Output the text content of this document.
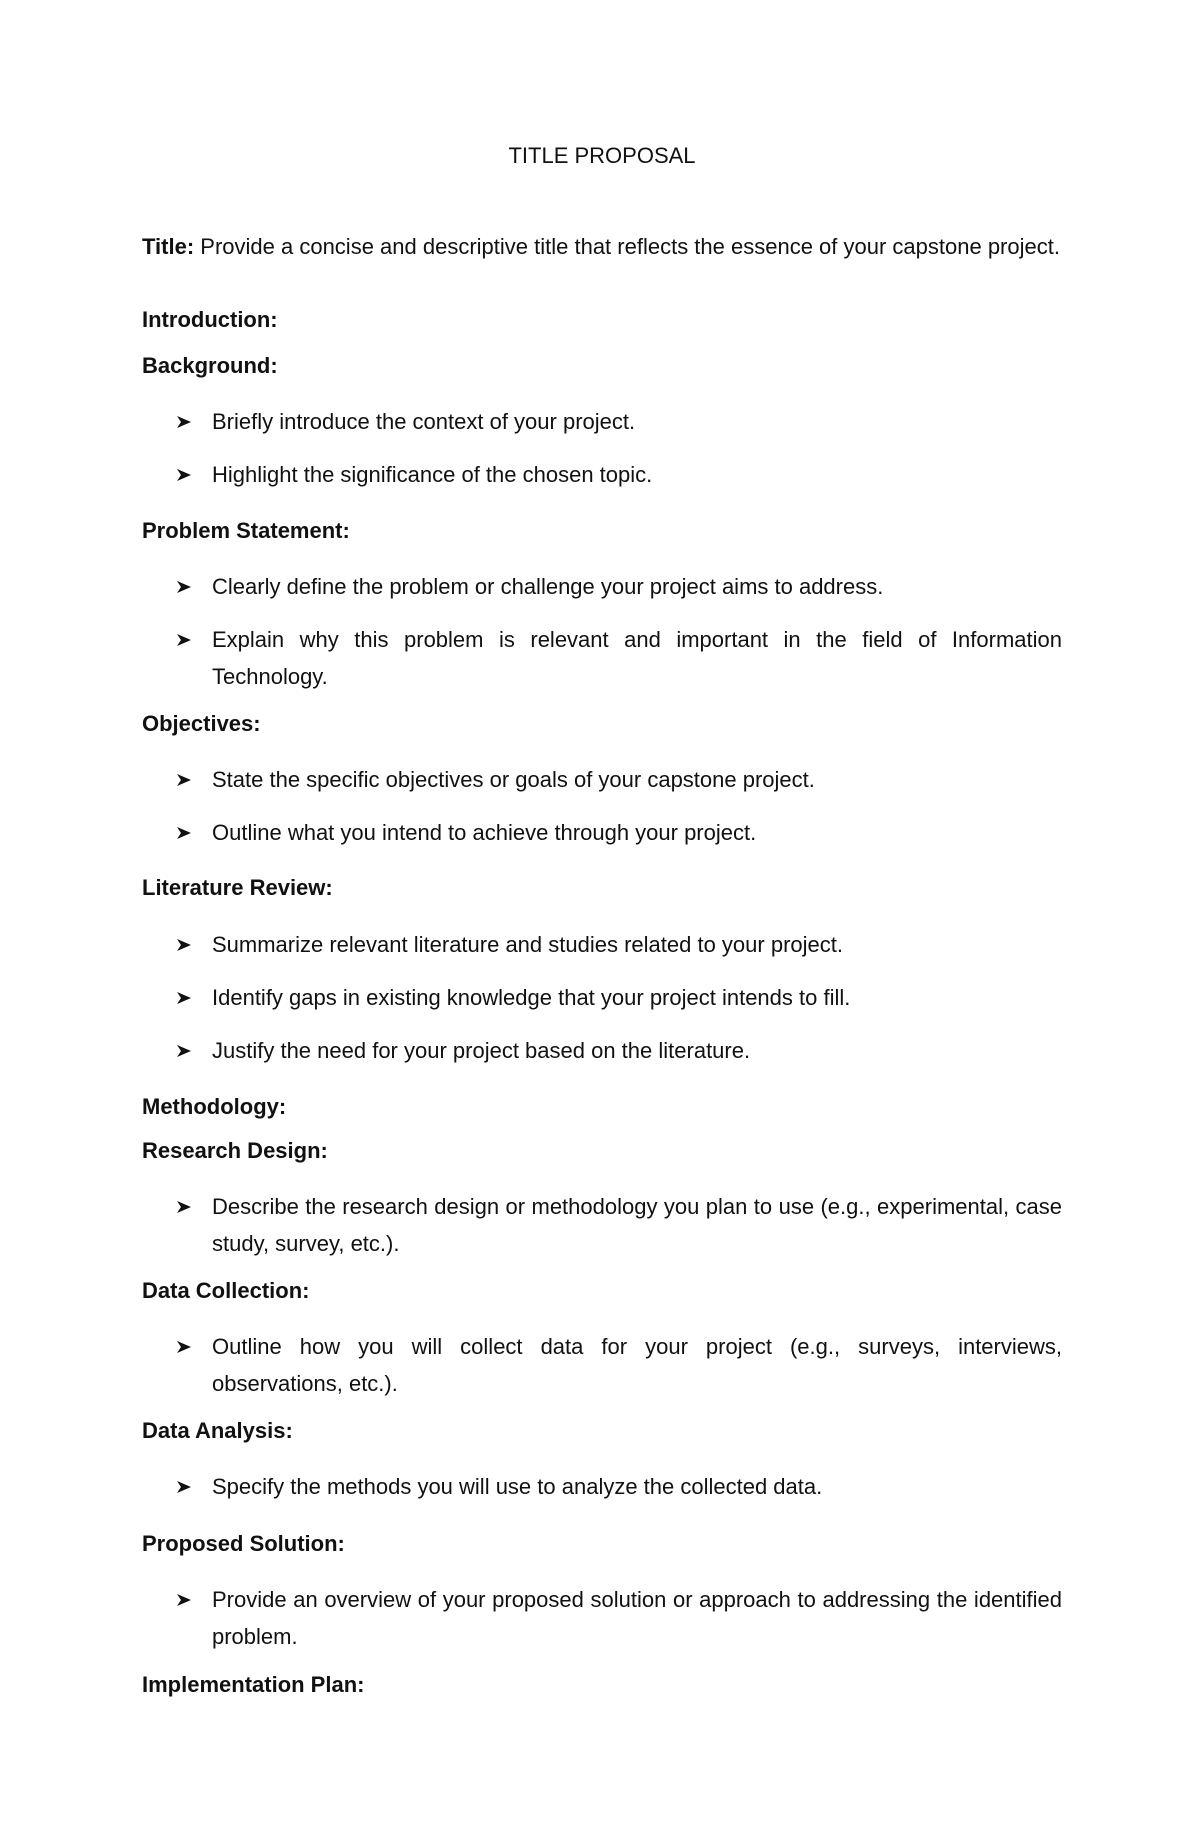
TITLE PROPOSAL
Title: Provide a concise and descriptive title that reflects the essence of your capstone project.
Introduction:
Background:
Briefly introduce the context of your project.
Highlight the significance of the chosen topic.
Problem Statement:
Clearly define the problem or challenge your project aims to address.
Explain why this problem is relevant and important in the field of Information Technology.
Objectives:
State the specific objectives or goals of your capstone project.
Outline what you intend to achieve through your project.
Literature Review:
Summarize relevant literature and studies related to your project.
Identify gaps in existing knowledge that your project intends to fill.
Justify the need for your project based on the literature.
Methodology:
Research Design:
Describe the research design or methodology you plan to use (e.g., experimental, case study, survey, etc.).
Data Collection:
Outline how you will collect data for your project (e.g., surveys, interviews, observations, etc.).
Data Analysis:
Specify the methods you will use to analyze the collected data.
Proposed Solution:
Provide an overview of your proposed solution or approach to addressing the identified problem.
Implementation Plan:
